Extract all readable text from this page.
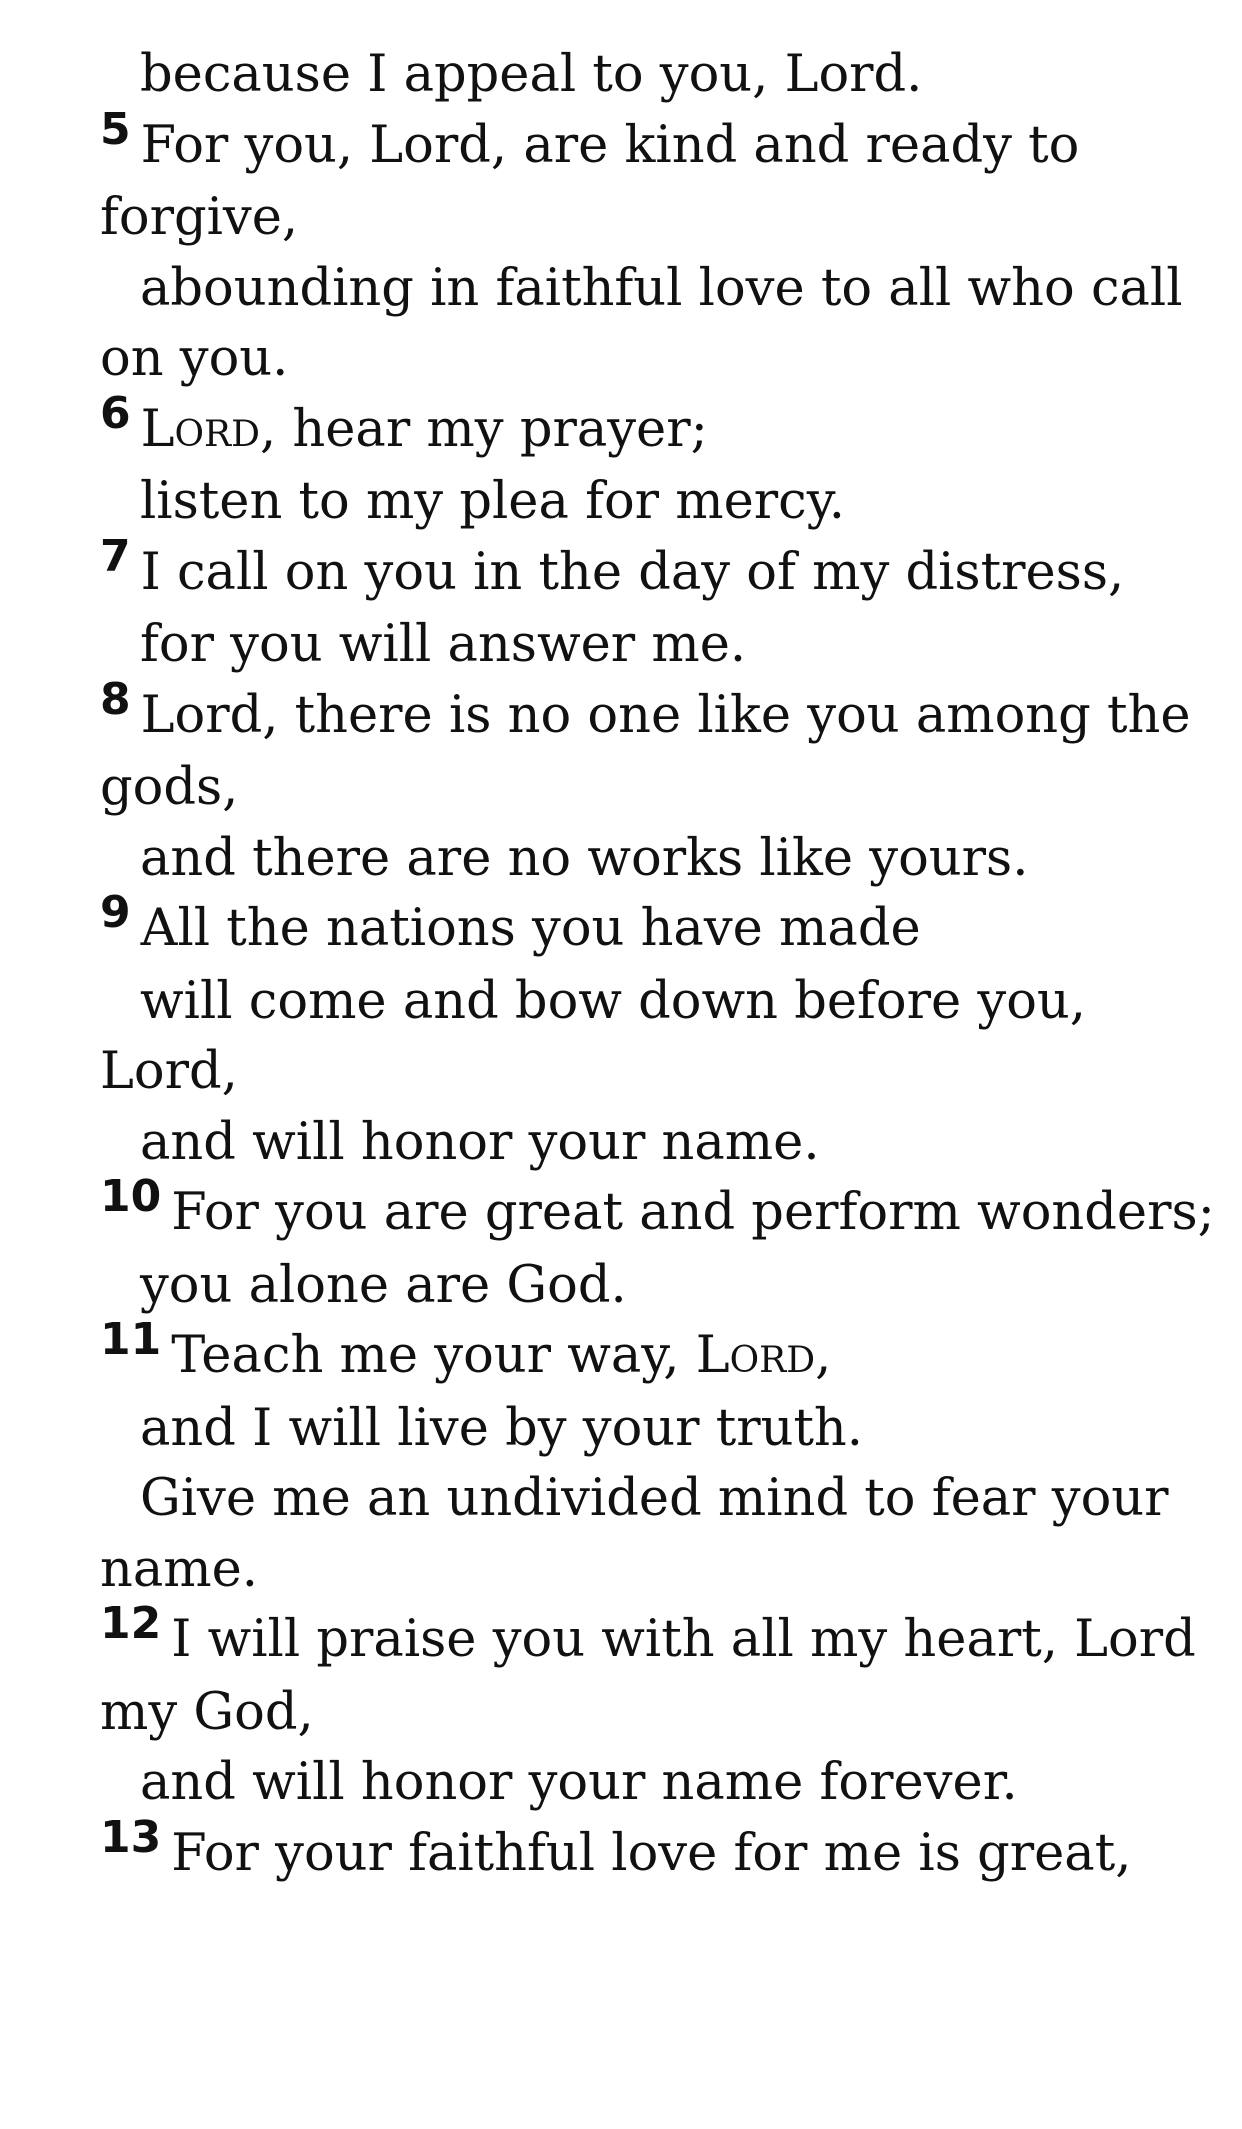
because I appeal to you, Lord.
5 For you, Lord, are kind and ready to
forgive,
abounding in faithful love to all who call
on you.
6 Lord, hear my prayer;
listen to my plea for mercy.
7 I call on you in the day of my distress,
for you will answer me.
8 Lord, there is no one like you among the
gods,
and there are no works like yours.
9 All the nations you have made
will come and bow down before you,
Lord,
and will honor your name.
10 For you are great and perform wonders;
you alone are God.
11 Teach me your way, Lord,
and I will live by your truth.
Give me an undivided mind to fear your
name.
12 I will praise you with all my heart, Lord
my God,
and will honor your name forever.
13 For your faithful love for me is great,
